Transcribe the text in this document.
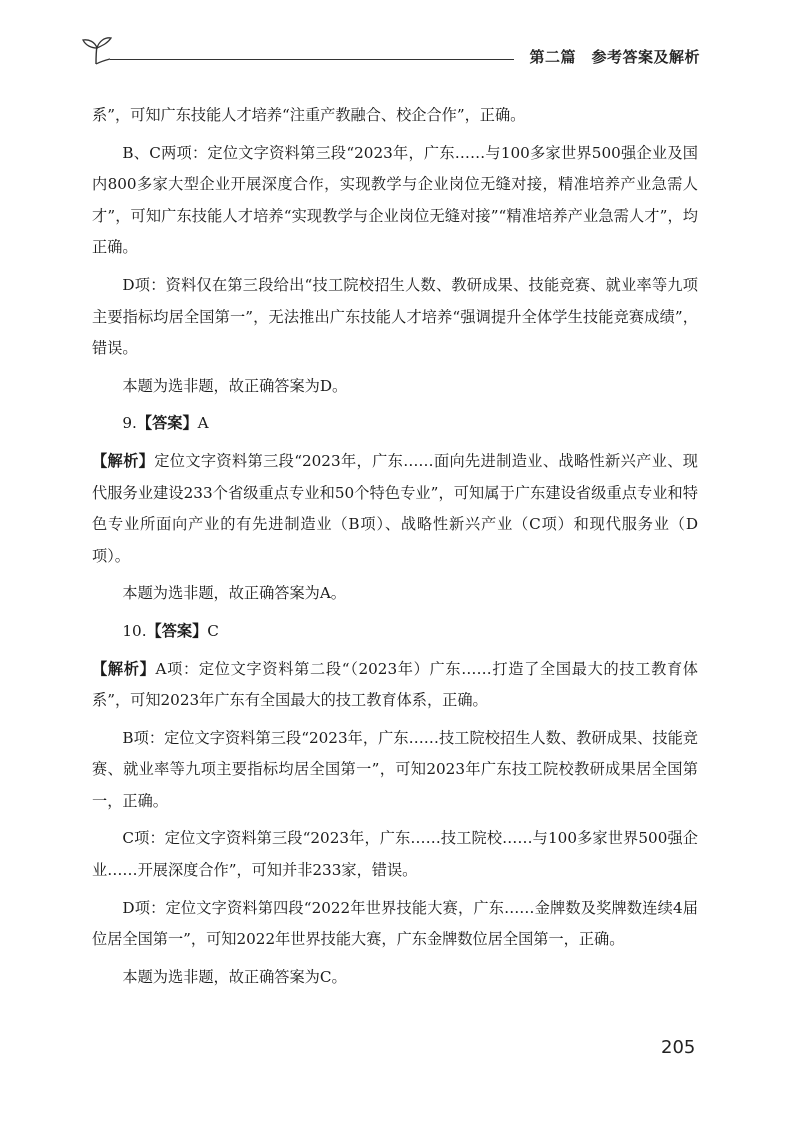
第二篇　参考答案及解析

系”，可知广东技能人才培养“注重产教融合、校企合作”，正确。

B、C两项：定位文字资料第三段“2023年，广东……与100多家世界500强企业及国内800多家大型企业开展深度合作，实现教学与企业岗位无缝对接，精准培养产业急需人才”，可知广东技能人才培养“实现教学与企业岗位无缝对接”“精准培养产业急需人才”，均正确。

D项：资料仅在第三段给出“技工院校招生人数、教研成果、技能竞赛、就业率等九项主要指标均居全国第一”，无法推出广东技能人才培养“强调提升全体学生技能竞赛成绩”，错误。

本题为选非题，故正确答案为D。

9.【答案】A

【解析】定位文字资料第三段“2023年，广东……面向先进制造业、战略性新兴产业、现代服务业建设233个省级重点专业和50个特色专业”，可知属于广东建设省级重点专业和特色专业所面向产业的有先进制造业（B项）、战略性新兴产业（C项）和现代服务业（D项）。

本题为选非题，故正确答案为A。

10.【答案】C

【解析】A项：定位文字资料第二段“（2023年）广东……打造了全国最大的技工教育体系”，可知2023年广东有全国最大的技工教育体系，正确。

B项：定位文字资料第三段“2023年，广东……技工院校招生人数、教研成果、技能竞赛、就业率等九项主要指标均居全国第一”，可知2023年广东技工院校教研成果居全国第一，正确。

C项：定位文字资料第三段“2023年，广东……技工院校……与100多家世界500强企业……开展深度合作”，可知并非233家，错误。

D项：定位文字资料第四段“2022年世界技能大赛，广东……金牌数及奖牌数连续4届位居全国第一”，可知2022年世界技能大赛，广东金牌数位居全国第一，正确。

本题为选非题，故正确答案为C。

205
